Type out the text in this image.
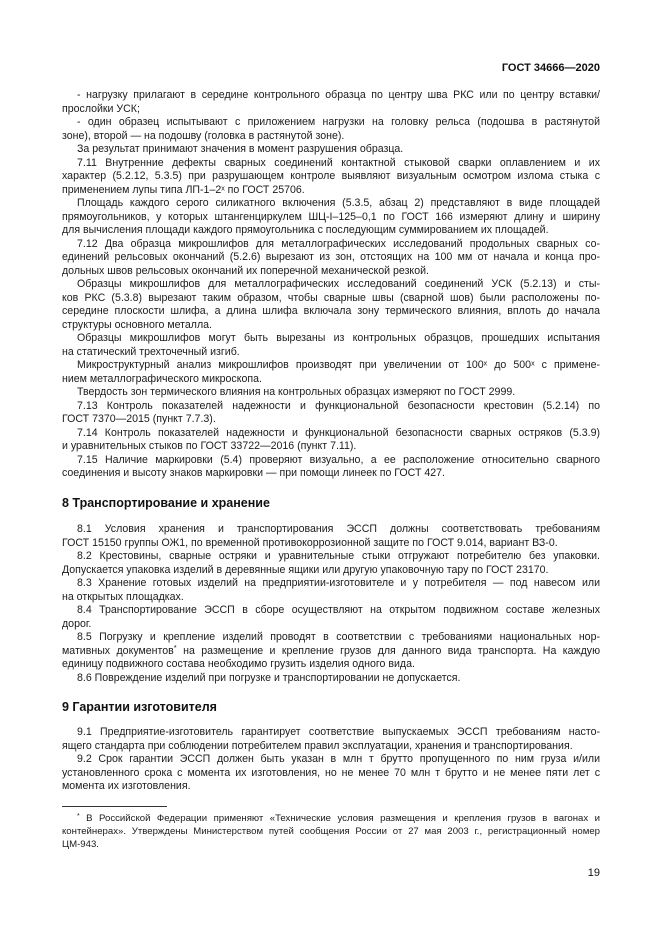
ГОСТ 34666—2020
- нагрузку прилагают в середине контрольного образца по центру шва РКС или по центру вставки/
прослойки УСК;
- один образец испытывают с приложением нагрузки на головку рельса (подошва в растянутой
зоне), второй — на подошву (головка в растянутой зоне).
За результат принимают значения в момент разрушения образца.
7.11 Внутренние дефекты сварных соединений контактной стыковой сварки оплавлением и их
характер (5.2.12, 5.3.5) при разрушающем контроле выявляют визуальным осмотром излома стыка с
применением лупы типа ЛП-1–2ˣ по ГОСТ 25706.
Площадь каждого серого силикатного включения (5.3.5, абзац 2) представляют в виде площадей
прямоугольников, у которых штангенциркулем ШЦ-I–125–0,1 по ГОСТ 166 измеряют длину и ширину
для вычисления площади каждого прямоугольника с последующим суммированием их площадей.
7.12 Два образца микрошлифов для металлографических исследований продольных сварных со-
единений рельсовых окончаний (5.2.6) вырезают из зон, отстоящих на 100 мм от начала и конца про-
дольных швов рельсовых окончаний их поперечной механической резкой.
Образцы микрошлифов для металлографических исследований соединений УСК (5.2.13) и сты-
ков РКС (5.3.8) вырезают таким образом, чтобы сварные швы (сварной шов) были расположены по-
середине плоскости шлифа, а длина шлифа включала зону термического влияния, вплоть до начала
структуры основного металла.
Образцы микрошлифов могут быть вырезаны из контрольных образцов, прошедших испытания
на статический трехточечный изгиб.
Микроструктурный анализ микрошлифов производят при увеличении от 100ˣ до 500ˣ с примене-
нием металлографического микроскопа.
Твердость зон термического влияния на контрольных образцах измеряют по ГОСТ 2999.
7.13 Контроль показателей надежности и функциональной безопасности крестовин (5.2.14) по
ГОСТ 7370—2015 (пункт 7.7.3).
7.14 Контроль показателей надежности и функциональной безопасности сварных остряков (5.3.9)
и уравнительных стыков по ГОСТ 33722—2016 (пункт 7.11).
7.15 Наличие маркировки (5.4) проверяют визуально, а ее расположение относительно сварного
соединения и высоту знаков маркировки — при помощи линеек по ГОСТ 427.
8 Транспортирование и хранение
8.1 Условия хранения и транспортирования ЭССП должны соответствовать требованиям
ГОСТ 15150 группы ОЖ1, по временной противокоррозионной защите по ГОСТ 9.014, вариант ВЗ-0.
8.2 Крестовины, сварные остряки и уравнительные стыки отгружают потребителю без упаковки.
Допускается упаковка изделий в деревянные ящики или другую упаковочную тару по ГОСТ 23170.
8.3 Хранение готовых изделий на предприятии-изготовителе и у потребителя — под навесом или
на открытых площадках.
8.4 Транспортирование ЭССП в сборе осуществляют на открытом подвижном составе железных
дорог.
8.5 Погрузку и крепление изделий проводят в соответствии с требованиями национальных нор-
мативных документов* на размещение и крепление грузов для данного вида транспорта. На каждую
единицу подвижного состава необходимо грузить изделия одного вида.
8.6 Повреждение изделий при погрузке и транспортировании не допускается.
9 Гарантии изготовителя
9.1 Предприятие-изготовитель гарантирует соответствие выпускаемых ЭССП требованиям насто-
ящего стандарта при соблюдении потребителем правил эксплуатации, хранения и транспортирования.
9.2 Срок гарантии ЭССП должен быть указан в млн т брутто пропущенного по ним груза и/или
установленного срока с момента их изготовления, но не менее 70 млн т брутто и не менее пяти лет с
момента их изготовления.
* В Российской Федерации применяют «Технические условия размещения и крепления грузов в вагонах и
контейнерах». Утверждены Министерством путей сообщения России от 27 мая 2003 г., регистрационный номер
ЦМ-943.
19
